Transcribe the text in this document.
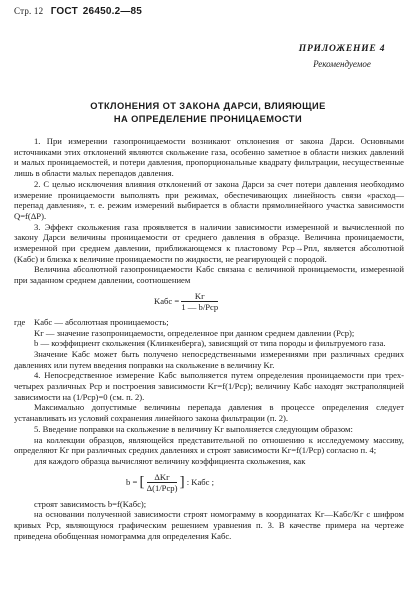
Стр. 12 ГОСТ 26450.2—85
ПРИЛОЖЕНИЕ 4
Рекомендуемое
ОТКЛОНЕНИЯ ОТ ЗАКОНА ДАРСИ, ВЛИЯЮЩИЕ
НА ОПРЕДЕЛЕНИЕ ПРОНИЦАЕМОСТИ

1. При измерении газопроницаемости возникают отклонения от закона Дарси. Основными источниками этих отклонений являются скольжение газа, особенно заметное в области низких давлений и малых проницаемостей, и потери давления, пропорциональные квадрату фильтрации, несущественные лишь в области малых перепадов давления.

2. С целью исключения влияния отклонений от закона Дарси за счет потери давления необходимо измерение проницаемости выполнять при режимах, обеспечивающих линейность связи «расход—перепад давления», т. е. режим измерений выбирается в области прямолинейного участка зависимости Q=f(ΔP).

3. Эффект скольжения газа проявляется в наличии зависимости измеренной и вычисленной по закону Дарси величины проницаемости от среднего давления в образце. Величина проницаемости, измеренной при среднем давлении, приближающемся к пластовому Pср→Pпл, является абсолютной (Kабс) и близка к величине проницаемости по жидкости, не реагирующей с породой.

Величина абсолютной газопроницаемости Kабс связана с величиной проницаемости, измеренной при заданном среднем давлении, соотношением

Kабс =
Kг
1 — b/Pср
где	Kабс — абсолютная проницаемость;

Kг — значение газопроницаемости, определенное при данном среднем давлении (Pср);

b — коэффициент скольжения (Клинкенберга), зависящий от типа породы и фильтруемого газа.

Значение Kабс может быть получено непосредственными измерениями при различных средних давлениях или путем введения поправки на скольжение в величину Kг.

4. Непосредственное измерение Kабс выполняется путем определения проницаемости при трех-четырех различных Pср и построения зависимости Kг=f(1/Pср); величину Kабс находят экстраполяцией зависимости на (1/Pср)=0 (см. п. 2).

Максимально допустимые величины перепада давления в процессе определения следует устанавливать из условий сохранения линейного закона фильтрации (п. 2).

5. Введение поправки на скольжение в величину Kг выполняется следующим образом:

на коллекции образцов, являющейся представительной по отношению к исследуемому массиву, определяют Kг при различных средних давлениях и строят зависимости Kг=f(1/Pср) согласно п. 4;

для каждого образца вычисляют величину коэффициента скольжения, как

b = [	ΔKг
Δ(1/Pср) ] : Kабс ;

строят зависимость b=f(Kабс);

на основании полученной зависимости строят номограмму в координатах Kг—Kабс/Kг с шифром кривых Pср, являющуюся графическим решением уравнения п. 3. В качестве примера на чертеже приведена обобщенная номограмма для определения Kабс.
